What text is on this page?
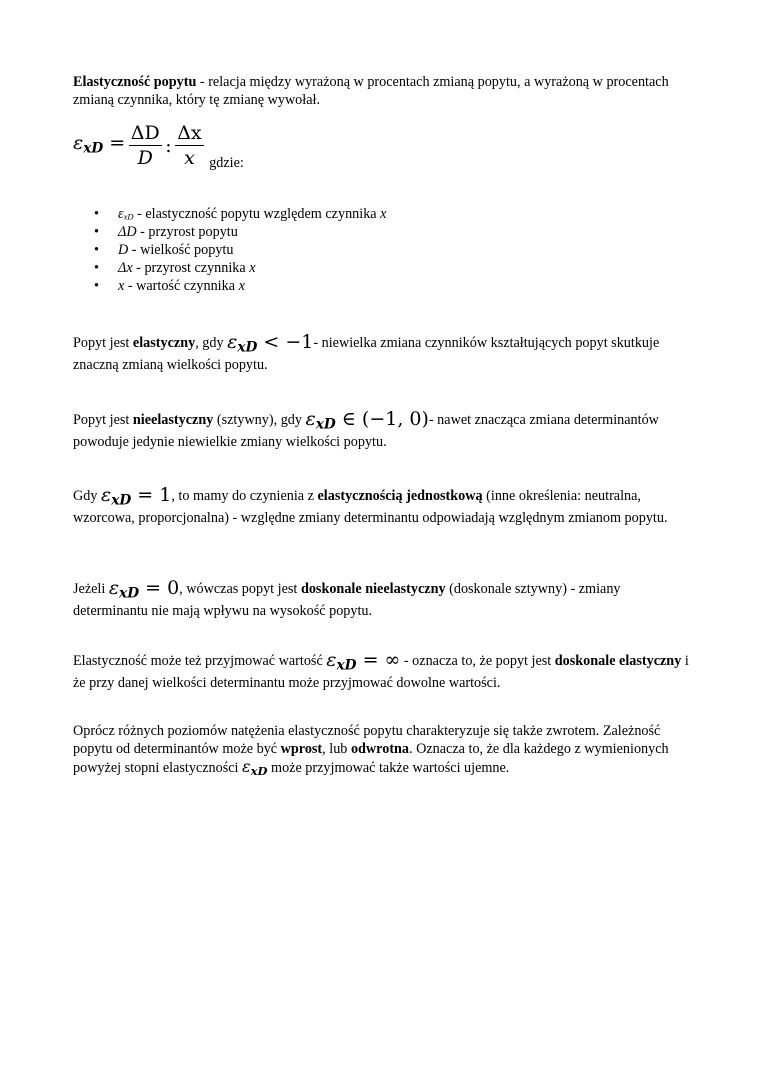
Elastyczność popytu - relacja między wyrażoną w procentach zmianą popytu, a wyrażoną w procentach zmianą czynnika, który tę zmianę wywołał.

$\varepsilon_{xD} = \frac{\Delta D}{D}$ : $\frac{\Delta x}{x}$ gdzie:
• εxD - elastyczność popytu względem czynnika x
• ΔD - przyrost popytu
• D - wielkość popytu
• Δx - przyrost czynnika x
• x - wartość czynnika x

Popyt jest elastyczny, gdy $\varepsilon_{xD} < -1-$ niewielka zmiana czynników kształtujących popyt skutkuje znaczną zmianą wielkości popytu.

Popyt jest nieelastyczny (sztywny), gdy $\varepsilon_{xD}$ ∈ (−1, 0)- nawet znacząca zmiana determinantów powoduje jedynie niewielkie zmiany wielkości popytu.

Gdy $\varepsilon_{xD} = 1$, to mamy do czynienia z elastycznością jednostkową (inne określenia: neutralna, wzorcowa, proporcjonalna) - względne zmiany determinantu odpowiadają względnym zmianom popytu.

Jeżeli $\varepsilon_{xD} = 0$, wówczas popyt jest doskonale nieelastyczny (doskonale sztywny) - zmiany determinantu nie mają wpływu na wysokość popytu.

Elastyczność może też przyjmować wartość $\varepsilon_{xD}$ = ∞ - oznacza to, że popyt jest doskonale elastyczny i że przy danej wielkości determinantu może przyjmować dowolne wartości.

Oprócz różnych poziomów natężenia elastyczność popytu charakteryzuje się także zwrotem. Zależność popytu od determinantów może być wprost, lub odwrotna. Oznacza to, że dla każdego z wymienionych powyżej stopni elastyczności $\varepsilon_{xD}$ może przyjmować także wartości ujemne.
